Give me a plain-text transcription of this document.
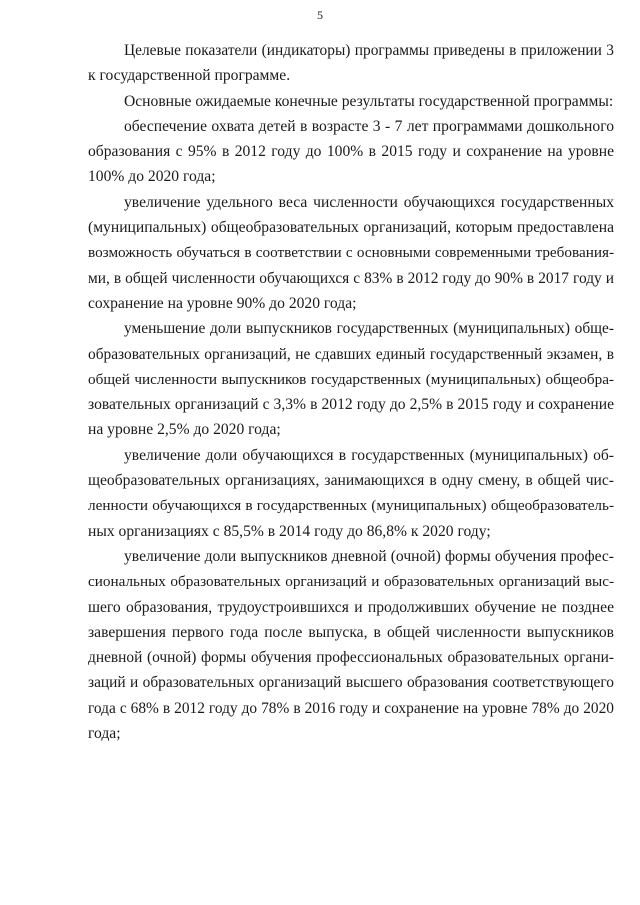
5
Целевые показатели (индикаторы) программы приведены в приложении 3
к государственной программе.
Основные ожидаемые конечные результаты государственной программы:
обеспечение охвата детей в возрасте 3 - 7 лет программами дошкольного
образования с 95% в 2012 году до 100% в 2015 году и сохранение на уровне
100% до 2020 года;
увеличение удельного веса численности обучающихся государственных
(муниципальных) общеобразовательных организаций, которым предоставлена
возможность обучаться в соответствии с основными современными требования-
ми, в общей численности обучающихся с 83% в 2012 году до 90% в 2017 году и
сохранение на уровне 90% до 2020 года;
уменьшение доли выпускников государственных (муниципальных) обще-
образовательных организаций, не сдавших единый государственный экзамен, в
общей численности выпускников государственных (муниципальных) общеобра-
зовательных организаций с 3,3% в 2012 году до 2,5% в 2015 году и сохранение
на уровне 2,5% до 2020 года;
увеличение доли обучающихся в государственных (муниципальных) об-
щеобразовательных организациях, занимающихся в одну смену, в общей чис-
ленности обучающихся в государственных (муниципальных) общеобразователь-
ных организациях с 85,5% в 2014 году до 86,8% к 2020 году;
увеличение доли выпускников дневной (очной) формы обучения профес-
сиональных образовательных организаций и образовательных организаций выс-
шего образования, трудоустроившихся и продолживших обучение не позднее
завершения первого года после выпуска, в общей численности выпускников
дневной (очной) формы обучения профессиональных образовательных органи-
заций и образовательных организаций высшего образования соответствующего
года с 68% в 2012 году до 78% в 2016 году и сохранение на уровне 78% до 2020
года;
